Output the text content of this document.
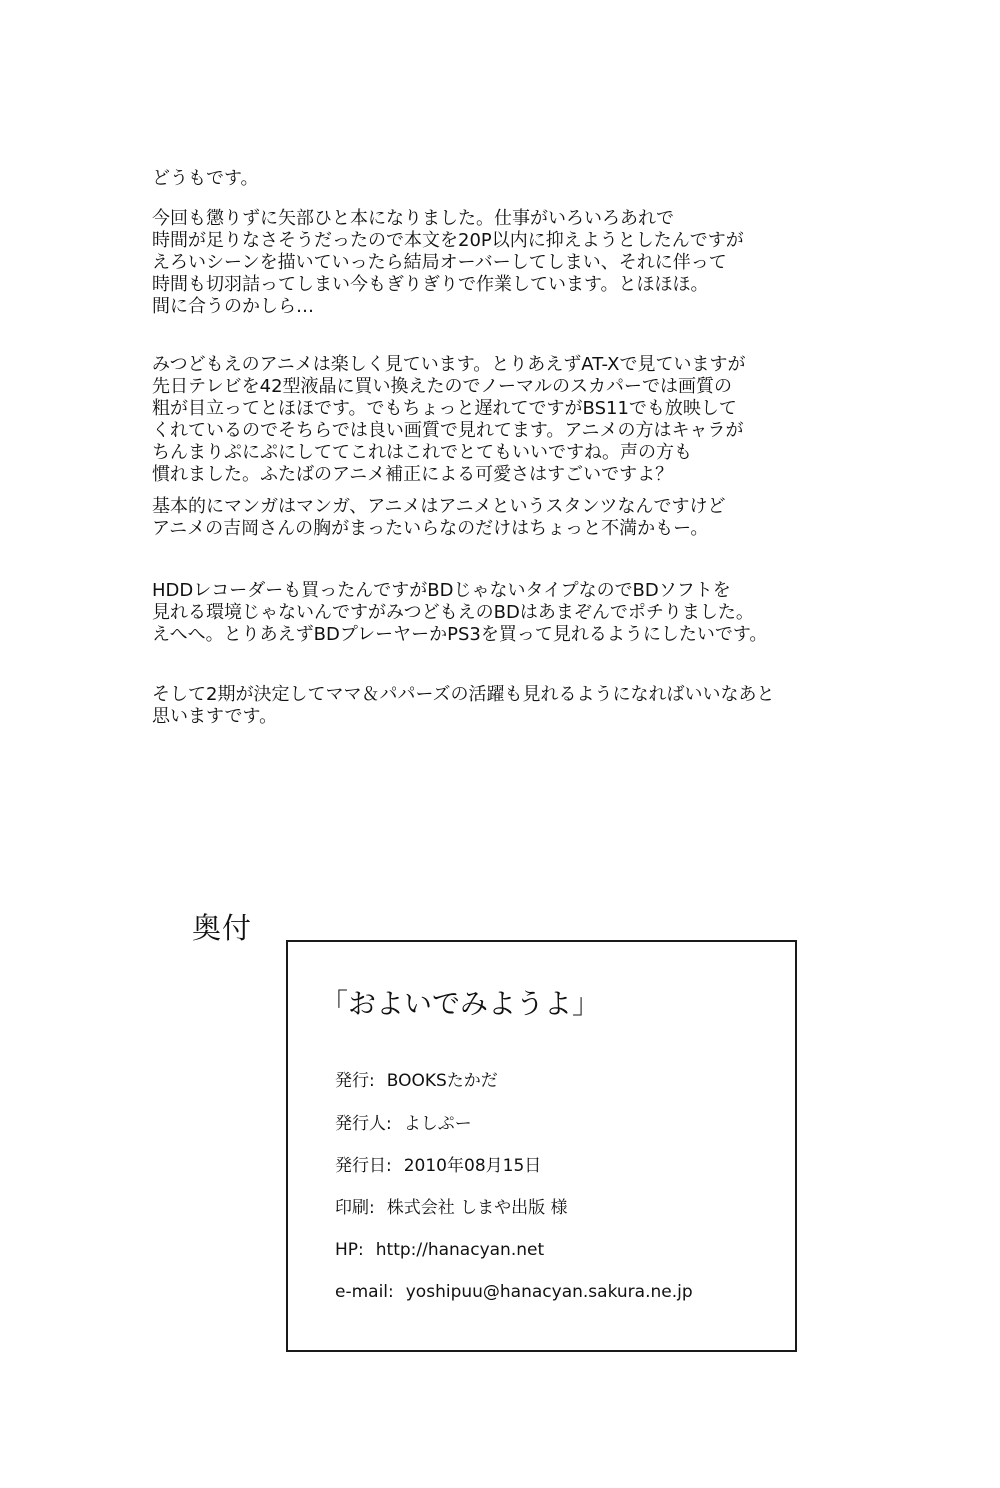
どうもです。

今回も懲りずに矢部ひと本になりました。仕事がいろいろあれで
時間が足りなさそうだったので本文を20P以内に抑えようとしたんですが
えろいシーンを描いていったら結局オーバーしてしまい、それに伴って
時間も切羽詰ってしまい今もぎりぎりで作業しています。とほほほ。
間に合うのかしら…

みつどもえのアニメは楽しく見ています。とりあえずAT-Xで見ていますが
先日テレビを42型液晶に買い換えたのでノーマルのスカパーでは画質の
粗が目立ってとほほです。でもちょっと遅れてですがBS11でも放映して
くれているのでそちらでは良い画質で見れてます。アニメの方はキャラが
ちんまりぷにぷにしててこれはこれでとてもいいですね。声の方も
慣れました。ふたばのアニメ補正による可愛さはすごいですよ？

基本的にマンガはマンガ、アニメはアニメというスタンツなんですけど
アニメの吉岡さんの胸がまったいらなのだけはちょっと不満かもー。

HDDレコーダーも買ったんですがBDじゃないタイプなのでBDソフトを
見れる環境じゃないんですがみつどもえのBDはあまぞんでポチりました。
えへへ。とりあえずBDプレーヤーかPS3を買って見れるようにしたいです。

そして2期が決定してママ＆パパーズの活躍も見れるようになればいいなあと
思いますです。

奥付
「およいでみようよ」
発行: BOOKSたかだ
発行人: よしぷー
発行日: 2010年08月15日
印刷: 株式会社 しまや出版 様
HP: http://hanacyan.net
e-mail: yoshipuu@hanacyan.sakura.ne.jp
